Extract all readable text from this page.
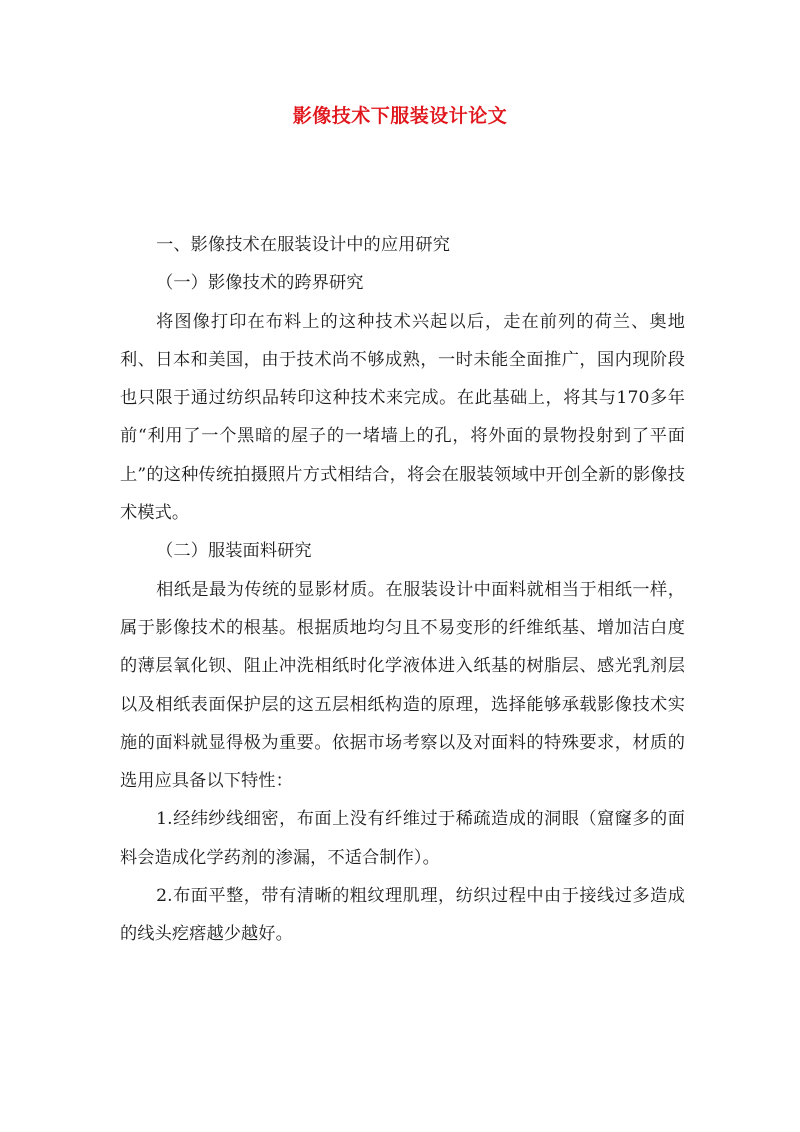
影像技术下服装设计论文

一、影像技术在服装设计中的应用研究

（一）影像技术的跨界研究

将图像打印在布料上的这种技术兴起以后，走在前列的荷兰、奥地利、日本和美国，由于技术尚不够成熟，一时未能全面推广，国内现阶段也只限于通过纺织品转印这种技术来完成。在此基础上，将其与170多年前“利用了一个黑暗的屋子的一堵墙上的孔，将外面的景物投射到了平面上”的这种传统拍摄照片方式相结合，将会在服装领域中开创全新的影像技术模式。

（二）服装面料研究

相纸是最为传统的显影材质。在服装设计中面料就相当于相纸一样，属于影像技术的根基。根据质地均匀且不易变形的纤维纸基、增加洁白度的薄层氧化钡、阻止冲洗相纸时化学液体进入纸基的树脂层、感光乳剂层以及相纸表面保护层的这五层相纸构造的原理，选择能够承载影像技术实施的面料就显得极为重要。依据市场考察以及对面料的特殊要求，材质的选用应具备以下特性：

1.经纬纱线细密，布面上没有纤维过于稀疏造成的洞眼（窟窿多的面料会造成化学药剂的渗漏，不适合制作）。

2.布面平整，带有清晰的粗纹理肌理，纺织过程中由于接线过多造成的线头疙瘩越少越好。
